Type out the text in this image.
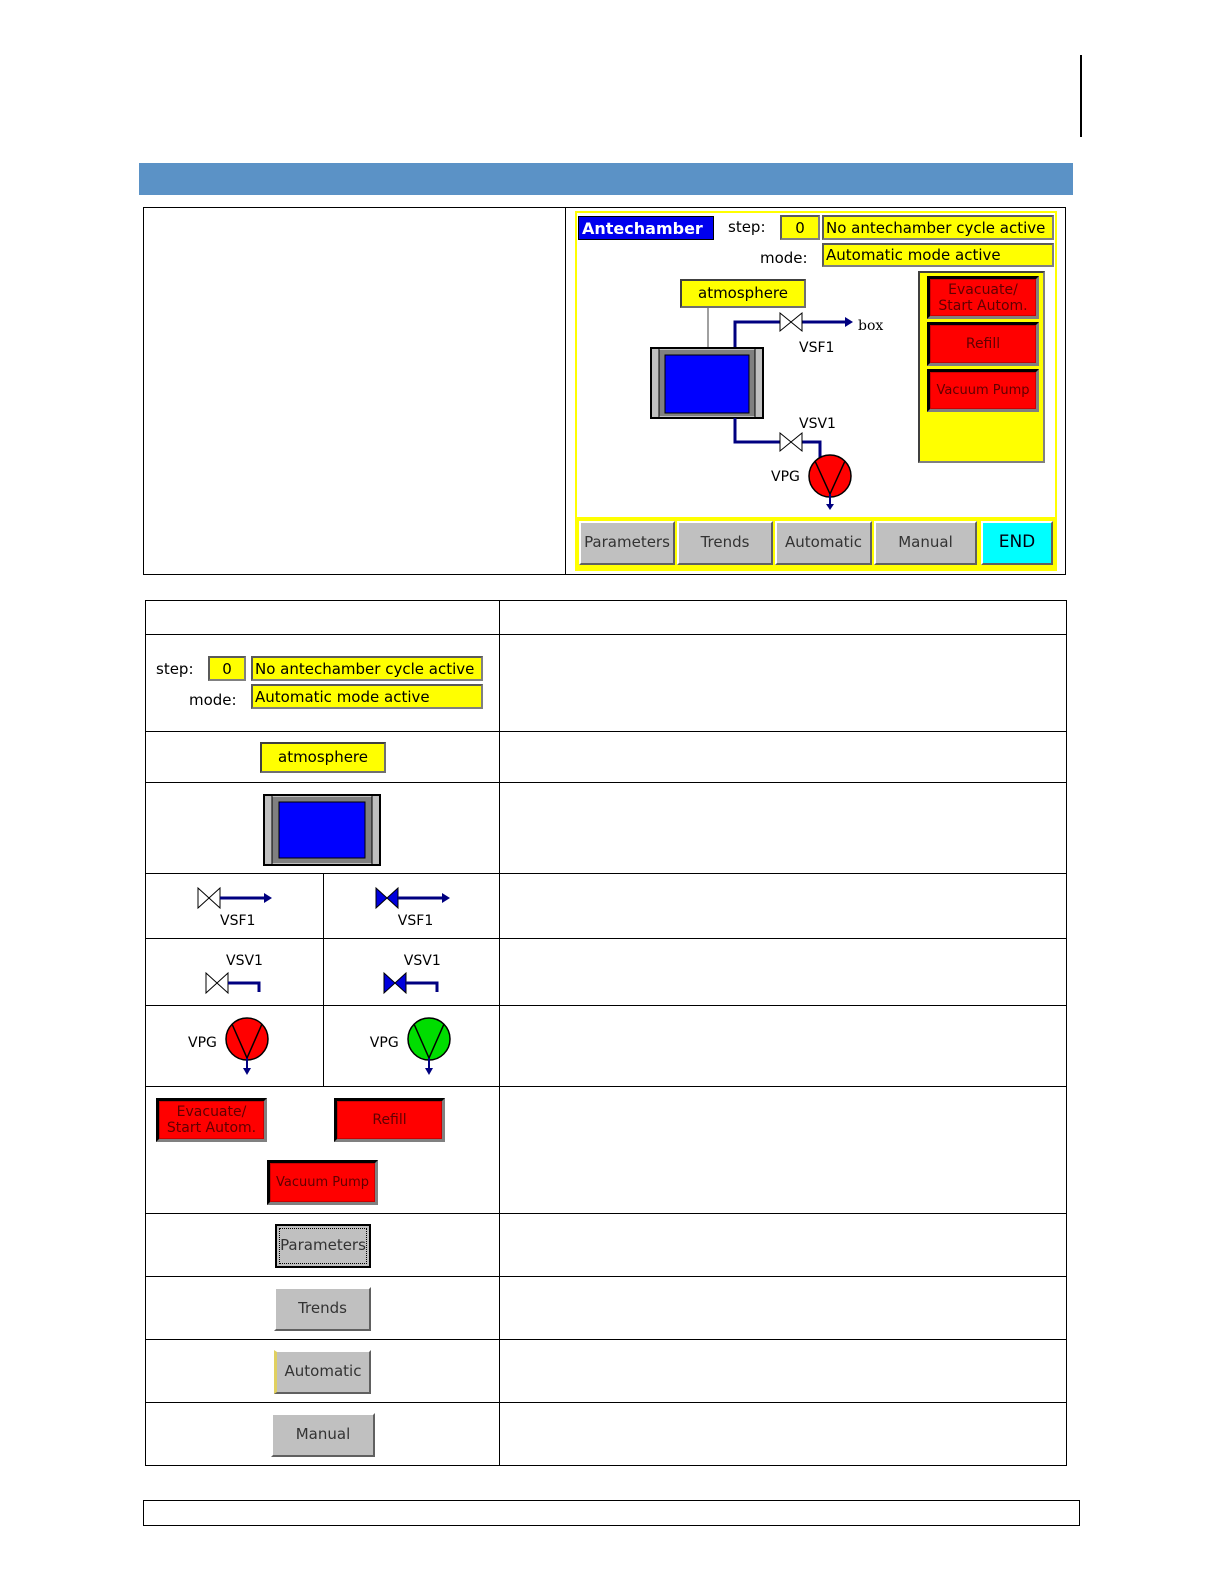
Antechamber 1
step:	0	No antechamber cycle active
mode: Automatic mode active
atmosphere
box
VSF1
VSV1
VPG
Evacuate/ Start Autom.
Refill
Vacuum Pump
Parameters	Trends	Automatic	Manual	END

step: 0 No antechamber cycle active
mode: Automatic mode active		

atmosphere		

VSF1	VSF1	

VSV1	VSV1	

VPG	VPG	

Evacuate/ Start Autom. Refill
Vacuum Pump		

Parameters		

Trends		

Automatic		

Manual		
